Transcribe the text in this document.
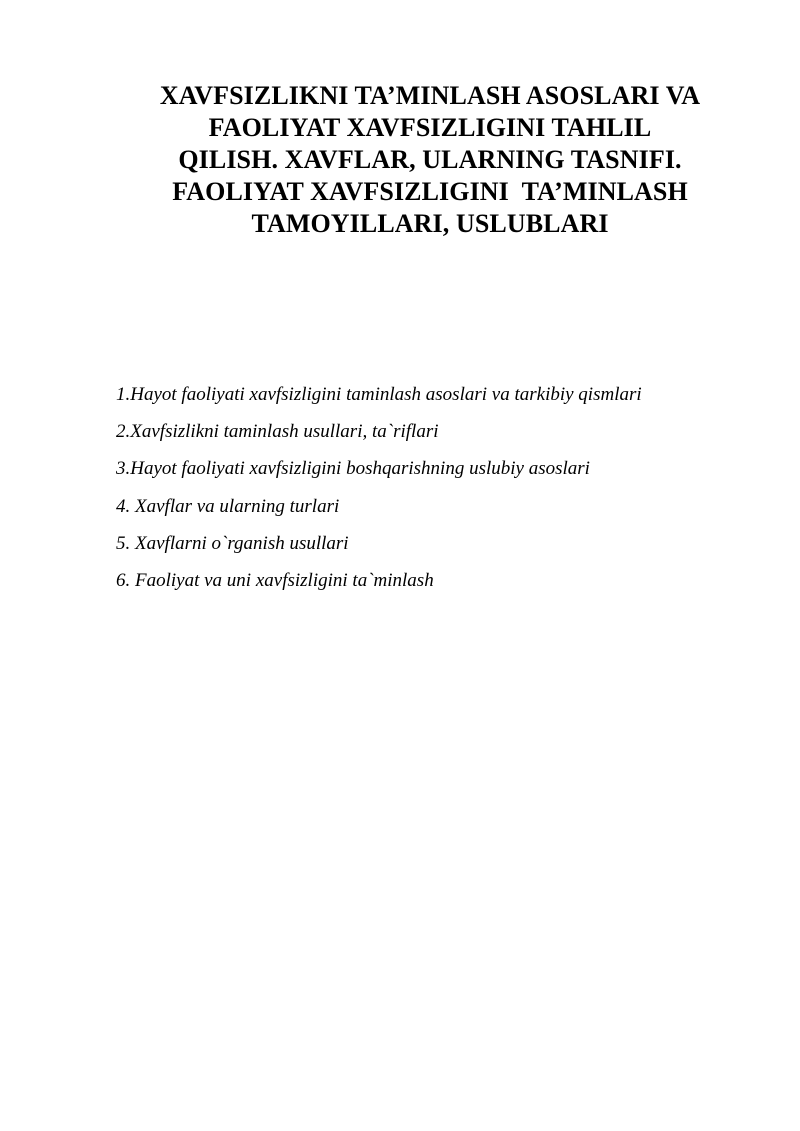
XAVFSIZLIKNI TA’MINLASH ASOSLARI VA
FAOLIYAT XAVFSIZLIGINI TAHLIL
QILISH. XAVFLAR, ULARNING TASNIFI.
FAOLIYAT XAVFSIZLIGINI  TA’MINLASH
TAMOYILLARI, USLUBLARI
1.Hayot faoliyati xavfsizligini taminlash asoslari va tarkibiy qismlari
2.Xavfsizlikni taminlash usullari, ta`riflari
3.Hayot faoliyati xavfsizligini boshqarishning uslubiy asoslari
4. Xavflar va ularning turlari
5. Xavflarni o`rganish usullari
6. Faoliyat va uni xavfsizligini ta`minlash
